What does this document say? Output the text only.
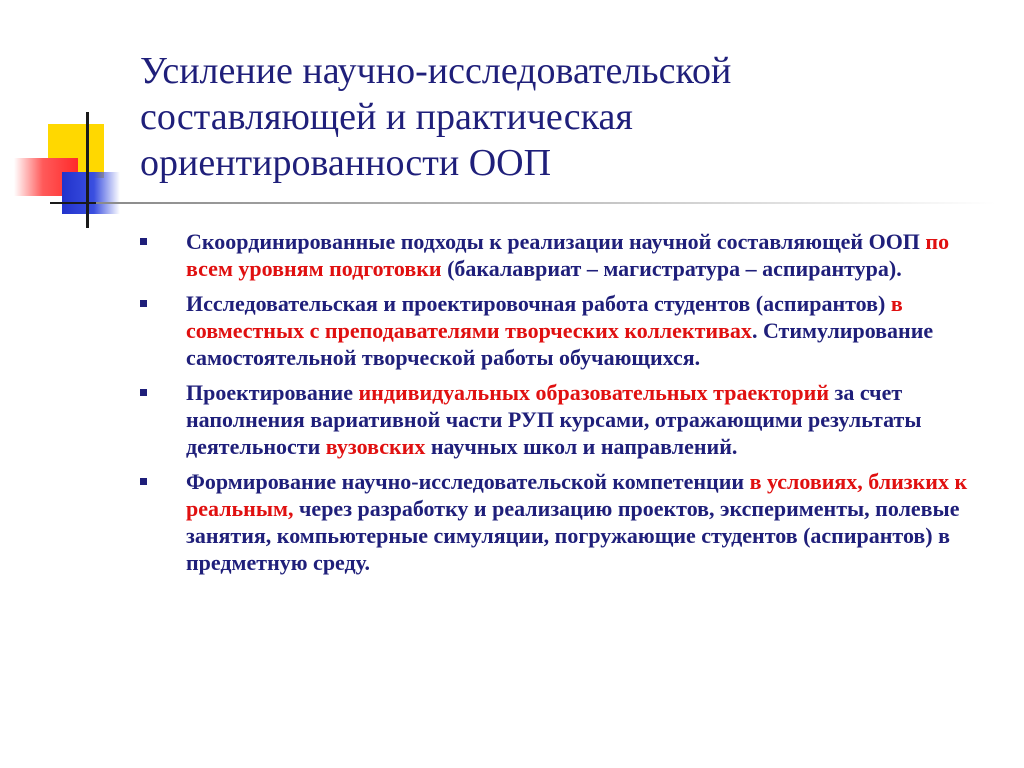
Усиление научно-исследовательской составляющей и практическая ориентированности ООП
Скоординированные подходы к реализации научной составляющей ООП по всем уровням подготовки (бакалавриат – магистратура – аспирантура).
Исследовательская и проектировочная работа студентов (аспирантов) в совместных с преподавателями творческих коллективах. Стимулирование самостоятельной творческой работы обучающихся.
Проектирование индивидуальных образовательных траекторий за счет наполнения вариативной части РУП курсами, отражающими результаты деятельности вузовских научных школ и направлений.
Формирование научно-исследовательской компетенции в условиях, близких к реальным, через разработку и реализацию проектов, эксперименты, полевые занятия, компьютерные симуляции, погружающие студентов (аспирантов) в предметную среду.
